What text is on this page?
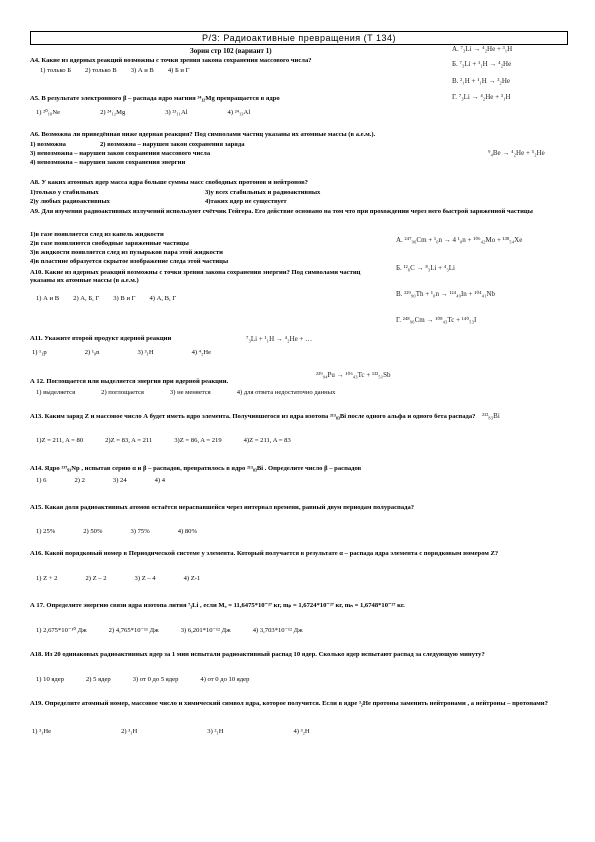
Р/З: Радиоактивные превращения (T 134)
Зорин стр 102 (вариант 1)	А. ⁷₃Li → ⁴₂He + ³₁H
Б. ⁷₃Li + ¹₁H → ⁴₂He
В. ²₁H + ¹₁H → ³₂He
Г. ⁷₃Li → ⁴₂He + ³₁H
⁹₄Be → ⁴₂He + ⁵₂He
А. ²⁴⁷₉₆Cm + ¹₀n → 4 ¹₀n + ¹⁰⁶₄₂Mo + ¹³⁸₅₄Xe
Б. ¹²₆C → ⁸₃Li + ⁴₃Li
В. ²²⁹₉₀Th + ¹₀n → ¹²⁴₄₉In + ¹⁰⁴₄₁Nb
Г. ²⁴⁸₉₆Cm → ¹⁰⁸₄₃Tc + ¹⁴⁰₅₃I
⁷₃Li + ¹₁H → ⁴₂He + …
²³⁹₉₄Pu → ¹⁰⁶₄₃Tc + ¹³³₅₁Sb
²¹³₈₃Bi
A4. Какие из ядерных реакций возможны с точки зрения закона сохранения массового числа?
1) только Б 2) только В 3) А и В 4) Б и Г
А5. В результате электронного β – распада ядро магния ²⁴₁₂Mg превращается в ядро
1) ²⁰₁₀Ne	2) ²⁴₁₂Mg	3) ²³₁₁Al	4) ²⁴₁₃Al
А6. Возможна ли приведённая ниже ядерная реакция? Под символами частиц указаны их атомные массы (в а.е.м.).
1) возможна	2) возможна – нарушен закон сохранения заряда
3) невозможна – нарушен закон сохранения массового числа
4) невозможна – нарушен закон сохранения энергии
А8. У каких атомных ядер масса ядра больше суммы масс свободных протонов и нейтронов?
1)только у стабильных	3)у всех стабильных и радиоактивных
2)у любых радиоактивных	4)таких ядер не существует
А9. Для изучения радиоактивных излучений используют счётчик Гейгера. Его действие основано на том что при прохождении через него быстрой заряженной частицы
1)в газе появляется след из капель жидкости
2)в газе появляются свободные заряженные частицы
3)в жидкости появляется след из пузырьков пара этой жидкости
4)в пластине образуется скрытое изображение следа этой частицы
А10. Какие из ядерных реакций возможны с точки зрения закона сохранения энергии? Под символами частиц указаны их атомные массы (в а.е.м.)
1) А и В 2) А, Б, Г 3) В и Г 4) А, В, Г
А11. Укажите второй продукт ядерной реакции
1) ¹₁p	2) ¹₀n	3) ³₁H	4) ⁴₂He
А 12. Поглощается или выделяется энергия при ядерной реакции.
1) выделяется	2) поглощается	3) не меняется	4) для ответа недостаточно данных
А13. Каким заряд Z и массовое число А будет иметь ядро элемента. Получившегося из ядра изотопа ²¹³₈₃Bi после одного альфа и одного бета распада?
1)Z = 211, A = 80	2)Z = 83, A = 211	3)Z = 86, A = 219	4)Z = 211, A = 83
А14. Ядро ²³⁷₉₃Np , испытав серию α и β – распадов, превратилось в ядро ²¹³₈₃Bi . Определите число β – распадов
1) 6	2) 2	3) 24	4) 4
А15. Какая доля радиоактивных атомов остаётся нераспавшейся через интервал времени, равный двум периодам полураспада?
1) 25%	2) 50%	3) 75%	4) 80%
А16. Какой порядковый номер в Периодической системе у элемента. Который получается в результате α – распада ядра элемента с порядковым номером Z?
1) Z + 2	2) Z – 2	3) Z – 4	4) Z-1
А 17. Определите энергию связи ядра изотопа лития ⁷₃Li , если Mₐ = 11,6475*10⁻²⁷ кг, mₚ = 1,6724*10⁻²⁷ кг, mₙ = 1,6748*10⁻²⁷ кг.
1) 2,675*10⁻¹⁰ Дж	2) 4,765*10⁻¹¹ Дж	3) 6,201*10⁻¹² Дж	4) 3,703*10⁻¹² Дж
А18. Из 20 одинаковых радиоактивных ядер за 1 мин испытали радиоактивный распад 10 ядер. Сколько ядер испытают распад за следующую минуту?
1) 10 ядер	2) 5 ядер	3) от 0 до 5 ядер	4) от 0 до 10 ядер
А19. Определите атомный номер, массовое число и химический символ ядра, которое получится. Если в ядре ³₂He протоны заменить нейтронами , а нейтроны – протонами?
1) ³₁He	2) ³₁H	3) ²₁H	4) ³₂H
